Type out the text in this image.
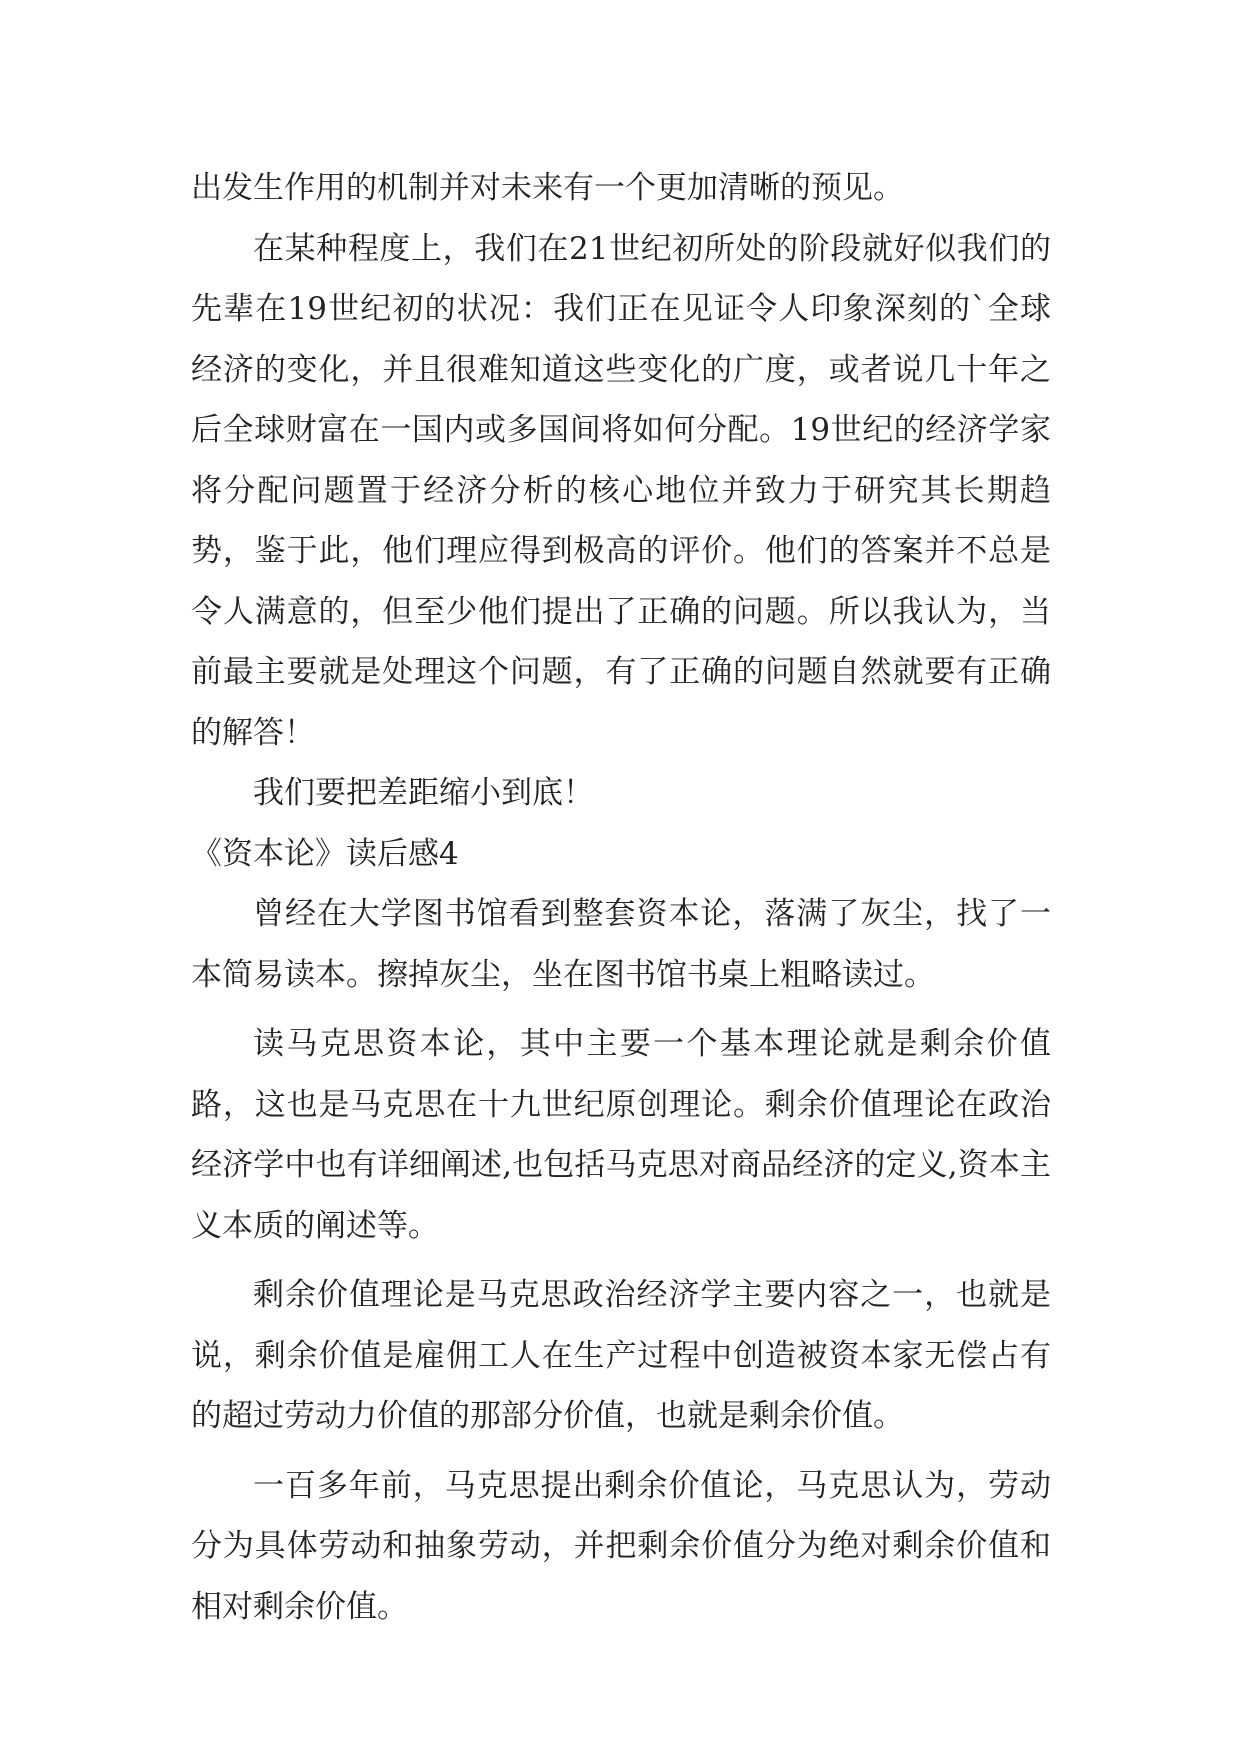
出发生作用的机制并对未来有一个更加清晰的预见。

在某种程度上，我们在21世纪初所处的阶段就好似我们的先辈在19世纪初的状况：我们正在见证令人印象深刻的`全球经济的变化，并且很难知道这些变化的广度，或者说几十年之后全球财富在一国内或多国间将如何分配。19世纪的经济学家将分配问题置于经济分析的核心地位并致力于研究其长期趋势，鉴于此，他们理应得到极高的评价。他们的答案并不总是令人满意的，但至少他们提出了正确的问题。所以我认为，当前最主要就是处理这个问题，有了正确的问题自然就要有正确的解答！

我们要把差距缩小到底！

《资本论》读后感4

曾经在大学图书馆看到整套资本论，落满了灰尘，找了一本简易读本。擦掉灰尘，坐在图书馆书桌上粗略读过。

读马克思资本论，其中主要一个基本理论就是剩余价值路，这也是马克思在十九世纪原创理论。剩余价值理论在政治经济学中也有详细阐述,也包括马克思对商品经济的定义,资本主义本质的阐述等。

剩余价值理论是马克思政治经济学主要内容之一，也就是说，剩余价值是雇佣工人在生产过程中创造被资本家无偿占有的超过劳动力价值的那部分价值，也就是剩余价值。

一百多年前，马克思提出剩余价值论，马克思认为，劳动分为具体劳动和抽象劳动，并把剩余价值分为绝对剩余价值和相对剩余价值。
